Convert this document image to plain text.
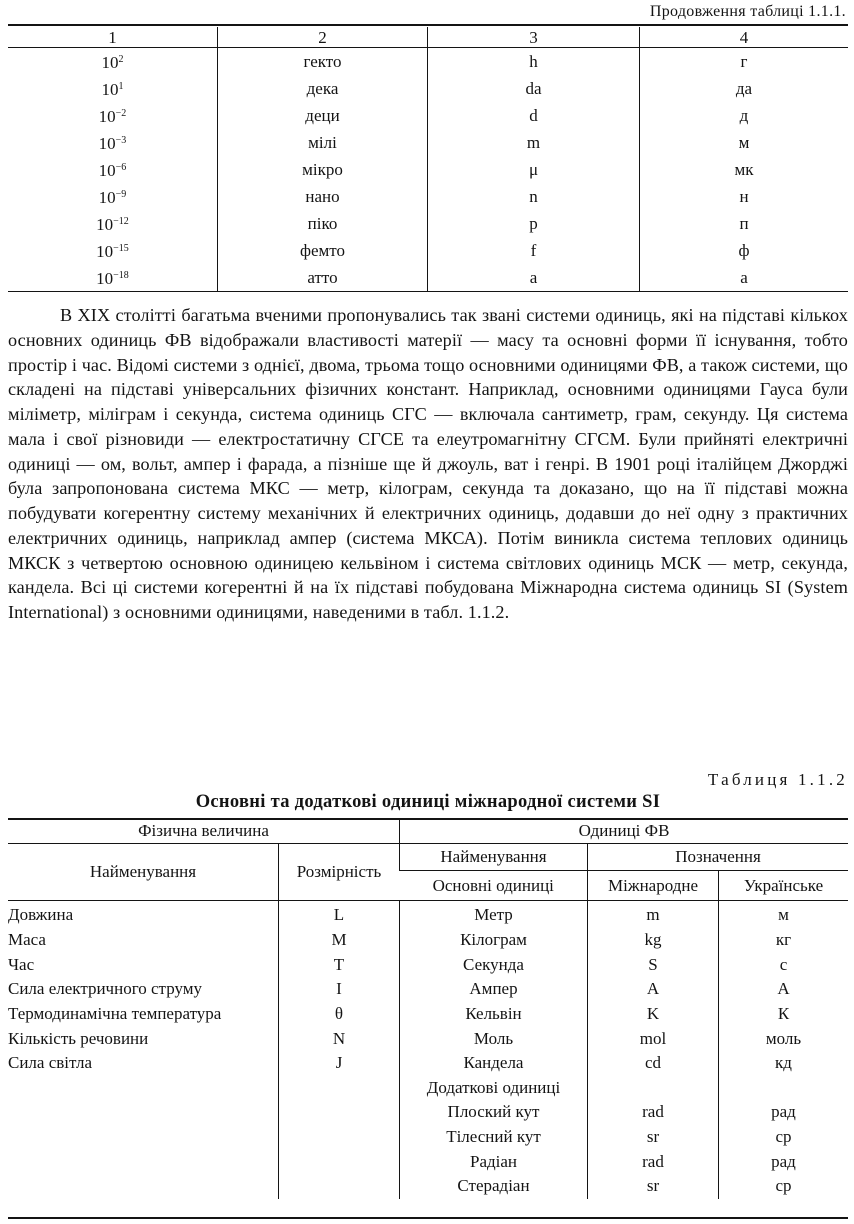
Продовження таблиці 1.1.1.
1	2	3	4
$10^2$	гекто	h	г
$10^1$	дека	da	да
$10^{-2}$	деци	d	д
$10^{-3}$	мілі	m	м
$10^{-6}$	мікро	μ	мк
$10^{-9}$	нано	n	н
$10^{-12}$	піко	p	п
$10^{-15}$	фемто	f	ф
$10^{-18}$	атто	a	а
В XIX столітті багатьма вченими пропонувались так звані системи одиниць, які на підставі кількох основних одиниць ФВ відображали властивості матерії — масу та основні форми її існування, тобто простір і час. Відомі системи з однієї, двома, трьома тощо основними одиницями ФВ, а також системи, що складені на підставі універсальних фізичних констант. Наприклад, основними одиницями Гауса були міліметр, міліграм і секунда, система одиниць СГС — включала сантиметр, грам, секунду. Ця система мала і свої різновиди — електростатичну СГСЕ та елеутромагнітну СГСМ. Були прийняті електричні одиниці — ом, вольт, ампер і фарада, а пізніше ще й джоуль, ват і генрі. В 1901 році італійцем Джорджі була запропонована система МКС — метр, кілограм, секунда та доказано, що на її підставі можна побудувати когерентну систему механічних й електричних одиниць, додавши до неї одну з практичних електричних одиниць, наприклад ампер (система МКСА). Потім виникла система теплових одиниць МКСК з четвертою основною одиницею кельвіном і система світлових одиниць МСК — метр, секунда, кандела. Всі ці системи когерентні й на їх підставі побудована Міжнародна система одиниць SI (System International) з основними одиницями, наведеними в табл. 1.1.2.
Таблиця 1.1.2
Основні та додаткові одиниці міжнародної системи SI
Фізична величина		Одиниці ФВ		
Найменування	Розмірність	Найменування	Позначення	
		Основні одиниці	Міжнародне	Українське
Довжина	L	Метр	m	м
Маса	M	Кілограм	kg	кг
Час	T	Секунда	S	с
Сила електричного струму	I	Ампер	A	А
Термодинамічна температура	θ	Кельвін	K	К
Кількість речовини	N	Моль	mol	моль
Сила світла	J	Кандела	cd	кд
		Додаткові одиниці		
		Плоский кут	rad	рад
		Тілесний кут	sr	ср
		Радіан	rad	рад
		Стерадіан	sr	ср
